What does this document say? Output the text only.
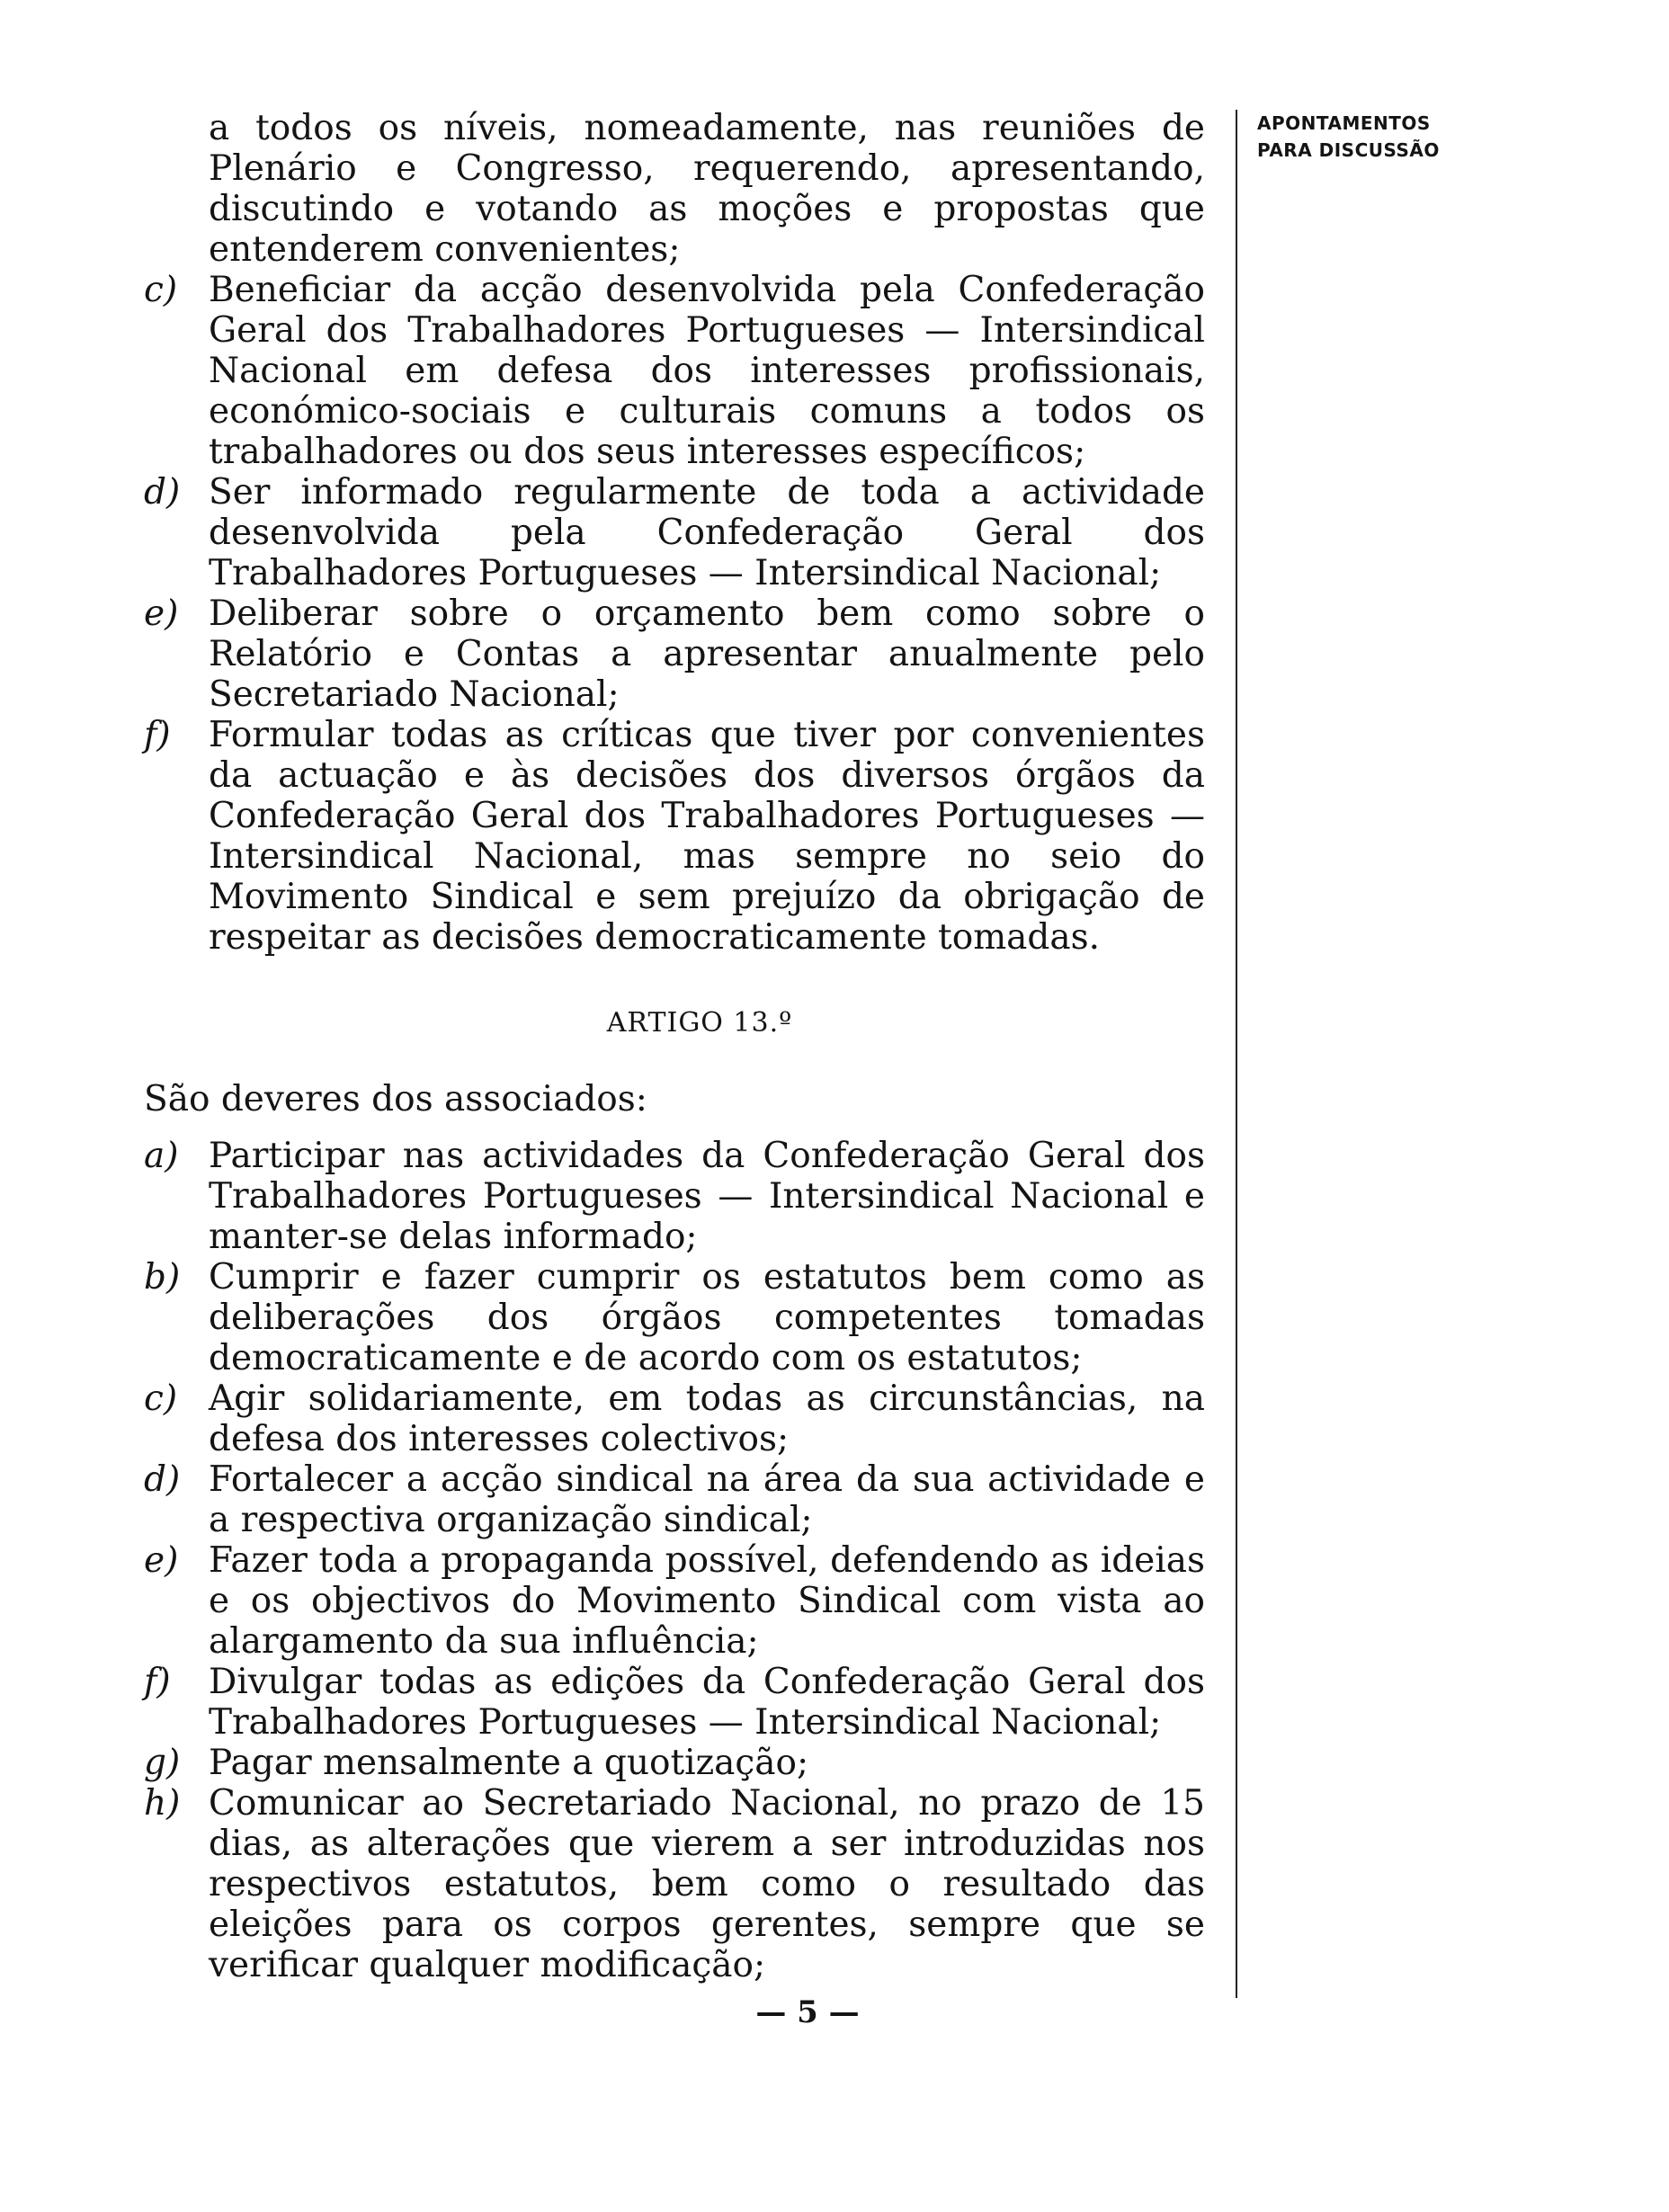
a todos os níveis, nomeadamente, nas reuniões de Plenário e Congresso, requerendo, apresentando, discutindo e votando as moções e propostas que entenderem convenientes;

c) Beneficiar da acção desenvolvida pela Confederação Geral dos Trabalhadores Portugueses — Intersindical Nacional em defesa dos interesses profissionais, económico-sociais e culturais comuns a todos os trabalhadores ou dos seus interesses específicos;
d) Ser informado regularmente de toda a actividade desenvolvida pela Confederação Geral dos Trabalhadores Portugueses — Intersindical Nacional;
e) Deliberar sobre o orçamento bem como sobre o Relatório e Contas a apresentar anualmente pelo Secretariado Nacional;
f)	Formular todas as críticas que tiver por convenientes da actuação e às decisões dos diversos órgãos da Confederação Geral dos Trabalhadores Portugueses — Intersindical Nacional, mas sempre no seio do Movimento Sindical e sem prejuízo da obrigação de respeitar as decisões democraticamente tomadas.
ARTIGO 13.º

São deveres dos associados:

a) Participar nas actividades da Confederação Geral dos Trabalhadores Portugueses — Intersindical Nacional e manter-se delas informado;
b) Cumprir e fazer cumprir os estatutos bem como as deliberações dos órgãos competentes tomadas democraticamente e de acordo com os estatutos;
c) Agir solidariamente, em todas as circunstâncias, na defesa dos interesses colectivos;
d) Fortalecer a acção sindical na área da sua actividade e a respectiva organização sindical;
e) Fazer toda a propaganda possível, defendendo as ideias e os objectivos do Movimento Sindical com vista ao alargamento da sua influência;
f)	Divulgar todas as edições da Confederação Geral dos Trabalhadores Portugueses — Intersindical Nacional;
g) Pagar mensalmente a quotização;
h) Comunicar ao Secretariado Nacional, no prazo de 15 dias, as alterações que vierem a ser introduzidas nos respectivos estatutos, bem como o resultado das eleições para os corpos gerentes, sempre que se verificar qualquer modificação;
APONTAMENTOS
PARA DISCUSSÃO
— 5 —
